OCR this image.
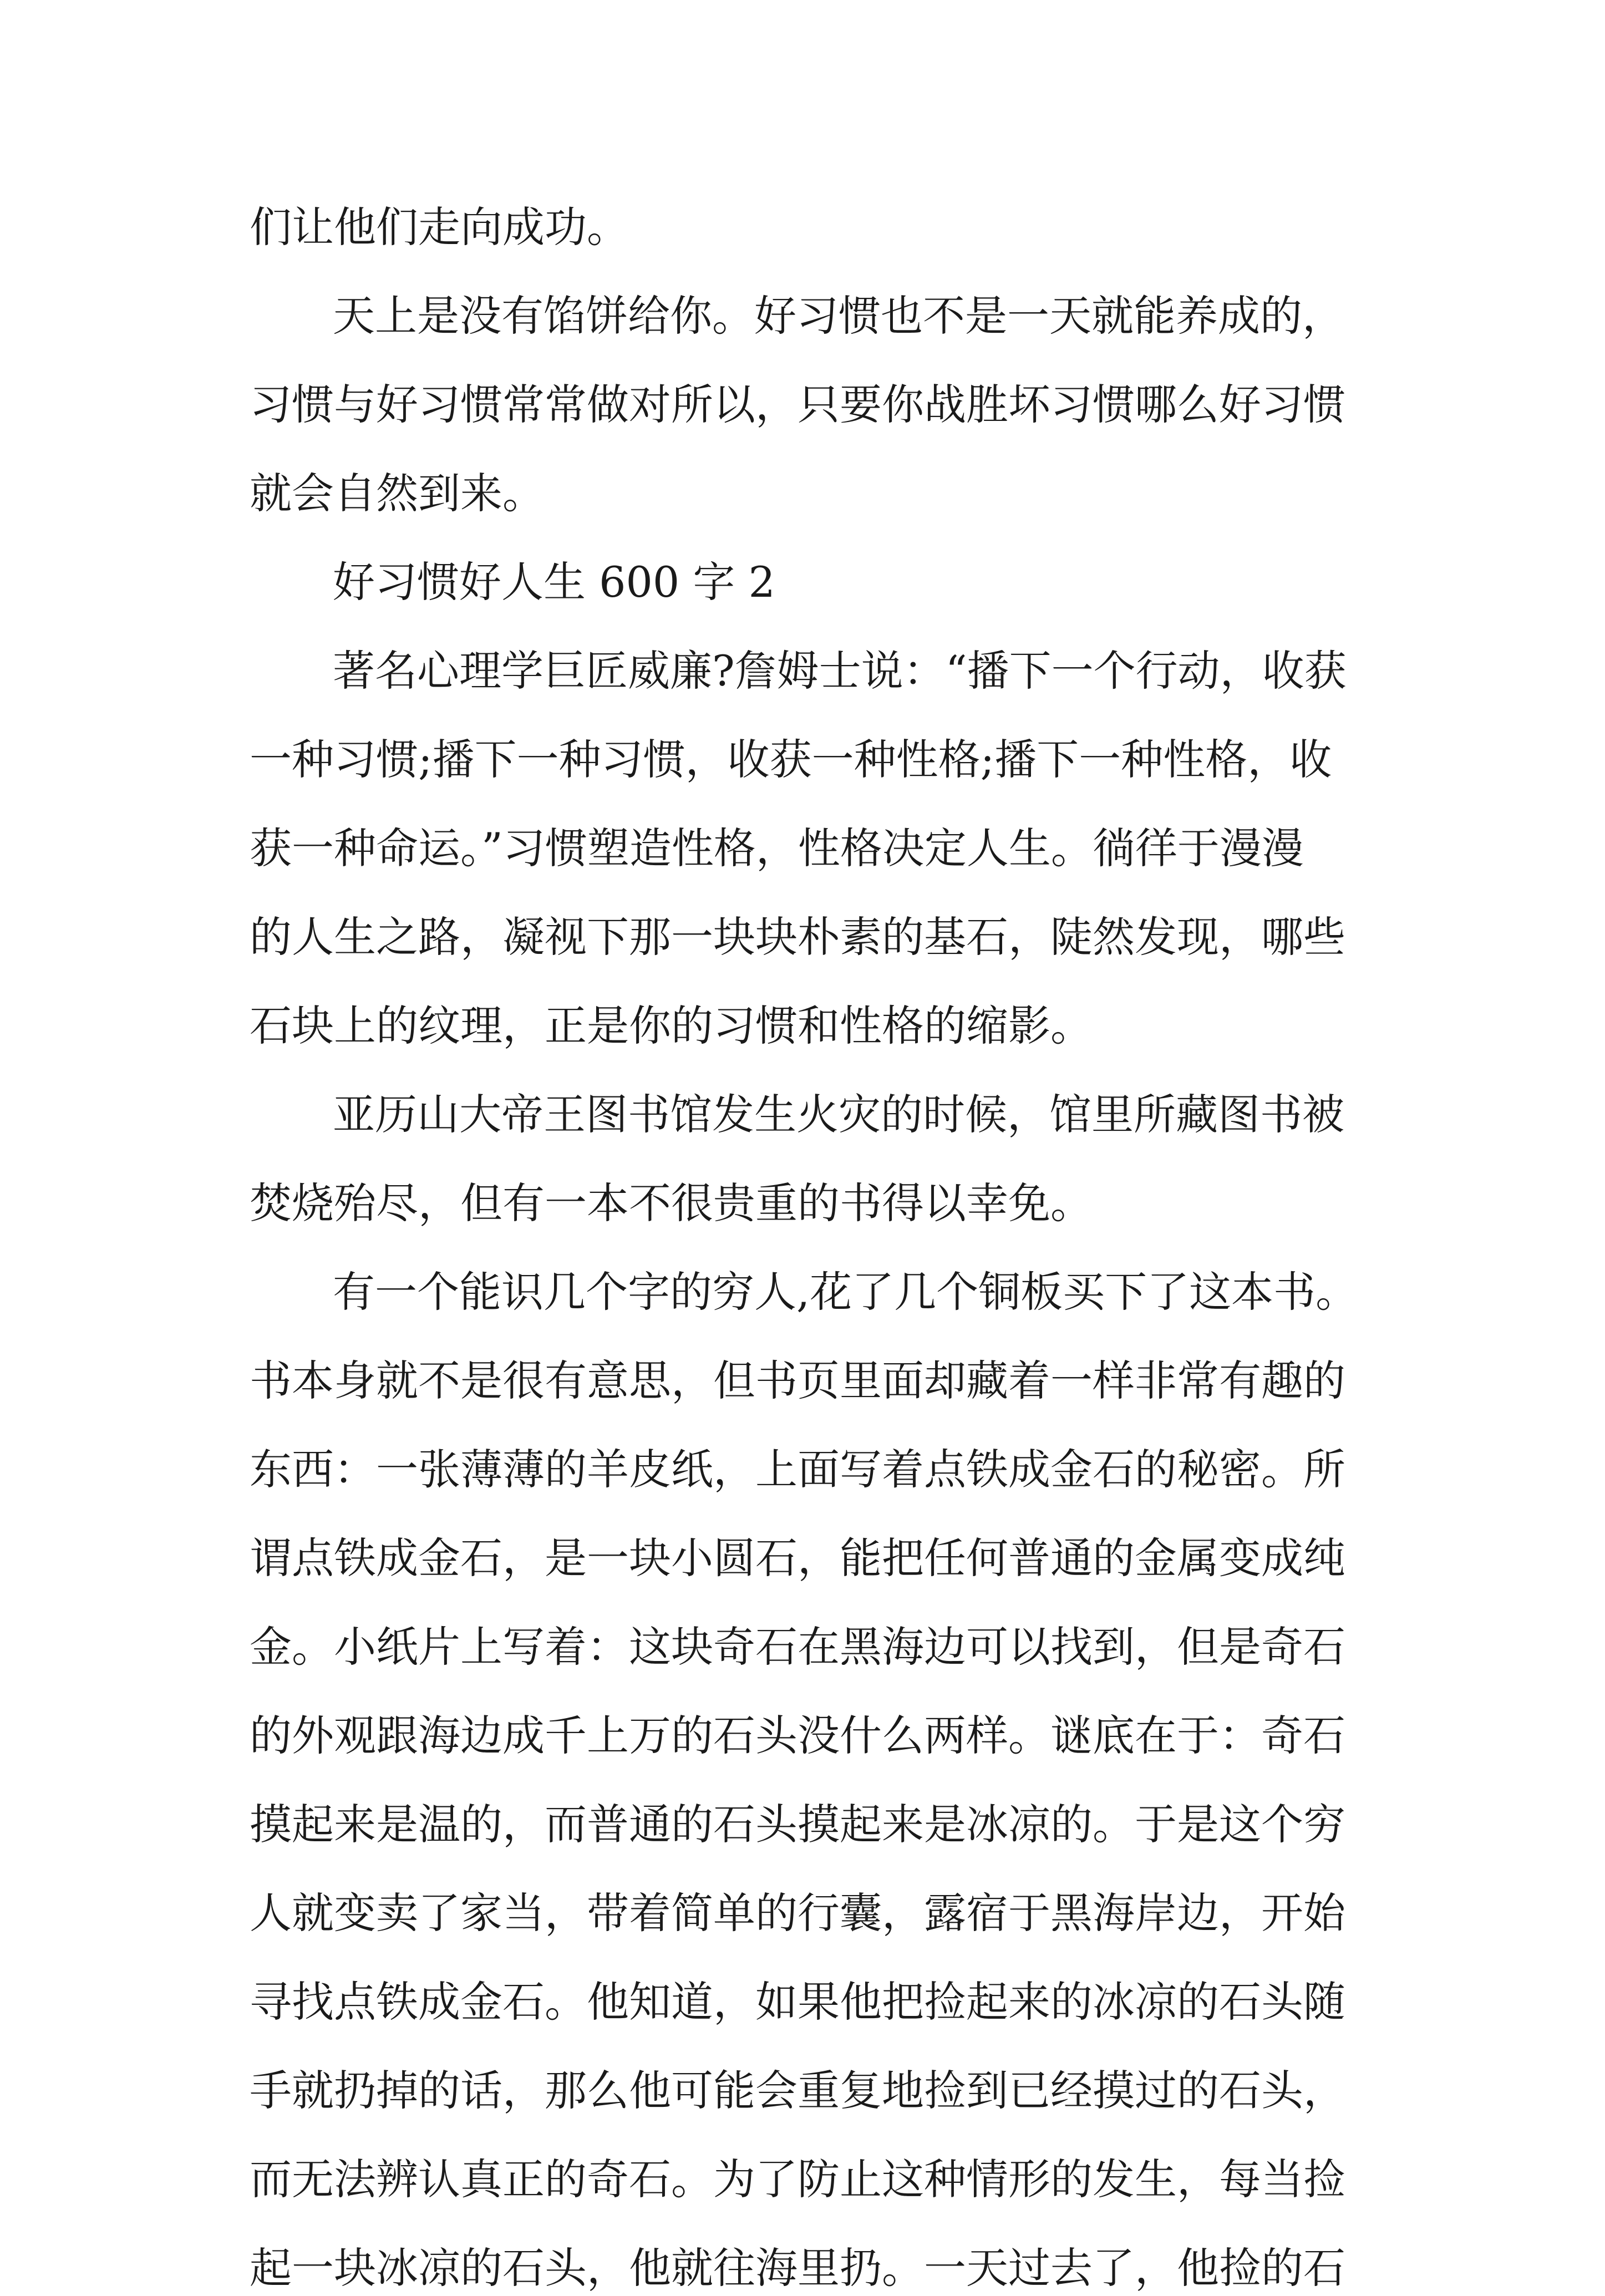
们让他们走向成功。
天上是没有馅饼给你。好习惯也不是一天就能养成的，
习惯与好习惯常常做对所以，只要你战胜坏习惯哪么好习惯
就会自然到来。
好习惯好人生 600 字 2
著名心理学巨匠威廉?詹姆士说：“播下一个行动，收获
一种习惯;播下一种习惯，收获一种性格;播下一种性格，收
获一种命运。”习惯塑造性格，性格决定人生。徜徉于漫漫
的人生之路，凝视下那一块块朴素的基石，陡然发现，哪些
石块上的纹理，正是你的习惯和性格的缩影。
亚历山大帝王图书馆发生火灾的时候，馆里所藏图书被
焚烧殆尽，但有一本不很贵重的书得以幸免。
有一个能识几个字的穷人,花了几个铜板买下了这本书。
书本身就不是很有意思，但书页里面却藏着一样非常有趣的
东西：一张薄薄的羊皮纸，上面写着点铁成金石的秘密。所
谓点铁成金石，是一块小圆石，能把任何普通的金属变成纯
金。小纸片上写着：这块奇石在黑海边可以找到，但是奇石
的外观跟海边成千上万的石头没什么两样。谜底在于：奇石
摸起来是温的，而普通的石头摸起来是冰凉的。于是这个穷
人就变卖了家当，带着简单的行囊，露宿于黑海岸边，开始
寻找点铁成金石。他知道，如果他把捡起来的冰凉的石头随
手就扔掉的话，那么他可能会重复地捡到已经摸过的石头，
而无法辨认真正的奇石。为了防止这种情形的发生，每当捡
起一块冰凉的石头，他就往海里扔。一天过去了，他捡的石
